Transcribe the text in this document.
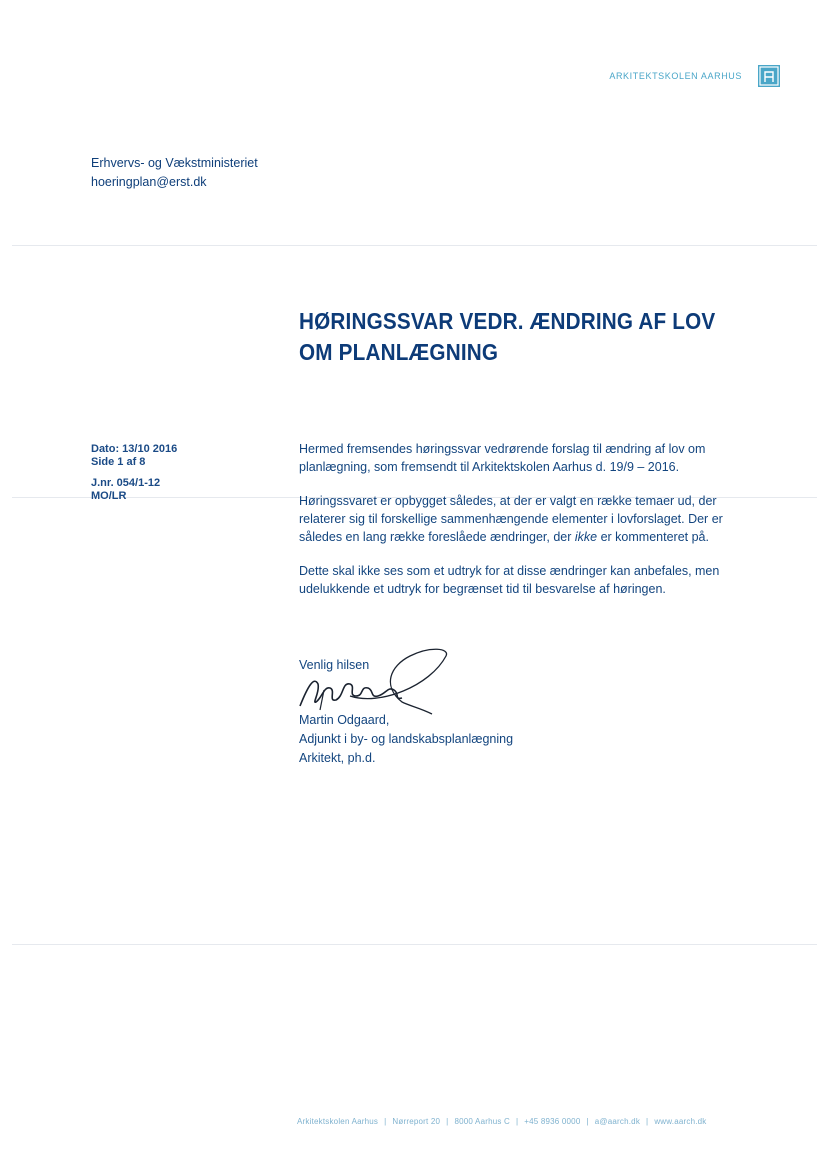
ARKITEKTSKOLEN AARHUS
Erhvervs- og Vækstministeriet
hoeringplan@erst.dk
HØRINGSSVAR VEDR. ÆNDRING AF LOV
OM PLANLÆGNING
Dato: 13/10 2016
Side 1 af 8
J.nr. 054/1-12
MO/LR

Hermed fremsendes høringssvar vedrørende forslag til ændring af lov om planlægning, som fremsendt til Arkitektskolen Aarhus d. 19/9 – 2016.

Høringssvaret er opbygget således, at der er valgt en række temaer ud, der relaterer sig til forskellige sammenhængende elementer i lovforslaget. Der er således en lang række foreslåede ændringer, der ikke er kommenteret på.

Dette skal ikke ses som et udtryk for at disse ændringer kan anbefales, men udelukkende et udtryk for begrænset tid til besvarelse af høringen.

Venlig hilsen
Martin Odgaard,
Adjunkt i by- og landskabsplanlægning
Arkitekt, ph.d.
Arkitektskolen Aarhus | Nørreport 20 | 8000 Aarhus C | +45 8936 0000 | a@aarch.dk | www.aarch.dk
